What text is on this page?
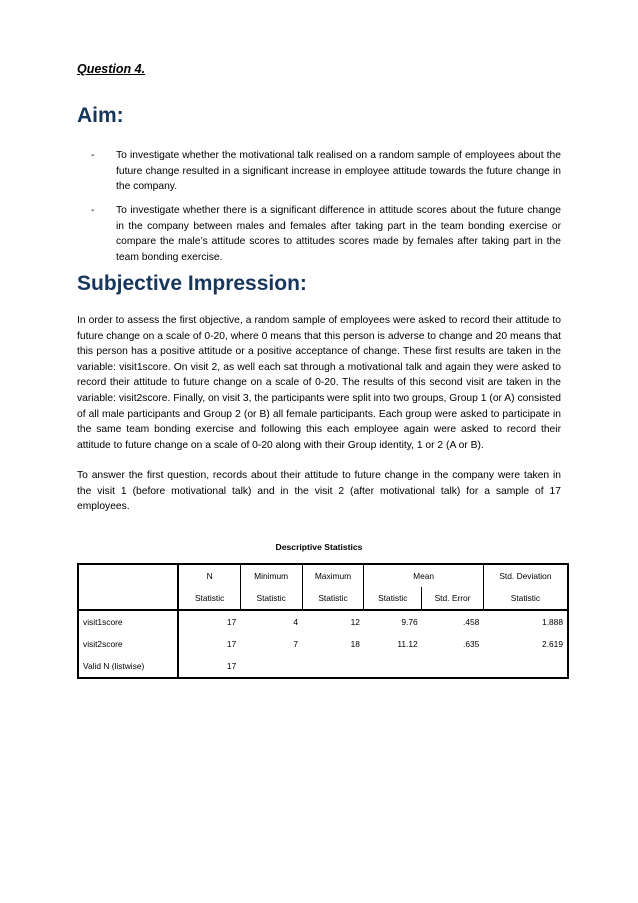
Question 4.
Aim:
- To investigate whether the motivational talk realised on a random sample of employees about the future change resulted in a significant increase in employee attitude towards the future change in the company.
- To investigate whether there is a significant difference in attitude scores about the future change in the company between males and females after taking part in the team bonding exercise or compare the male’s attitude scores to attitudes scores made by females after taking part in the team bonding exercise.
Subjective Impression:
In order to assess the first objective, a random sample of employees were asked to record their attitude to future change on a scale of 0-20, where 0 means that this person is adverse to change and 20 means that this person has a positive attitude or a positive acceptance of change. These first results are taken in the variable: visit1score. On visit 2, as well each sat through a motivational talk and again they were asked to record their attitude to future change on a scale of 0-20. The results of this second visit are taken in the variable: visit2score. Finally, on visit 3, the participants were split into two groups, Group 1 (or A) consisted of all male participants and Group 2 (or B) all female participants. Each group were asked to participate in the same team bonding exercise and following this each employee again were asked to record their attitude to future change on a scale of 0-20 along with their Group identity, 1 or 2 (A or B).
To answer the first question, records about their attitude to future change in the company were taken in the visit 1 (before motivational talk) and in the visit 2 (after motivational talk) for a sample of 17 employees.
Descriptive Statistics
	N	Minimum	Maximum	Mean		Std. Deviation
	Statistic	Statistic	Statistic	Statistic	Std. Error	Statistic
visit1score	17	4	12	9.76	.458	1.888
visit2score	17	7	18	11.12	.635	2.619
Valid N (listwise)	17					
